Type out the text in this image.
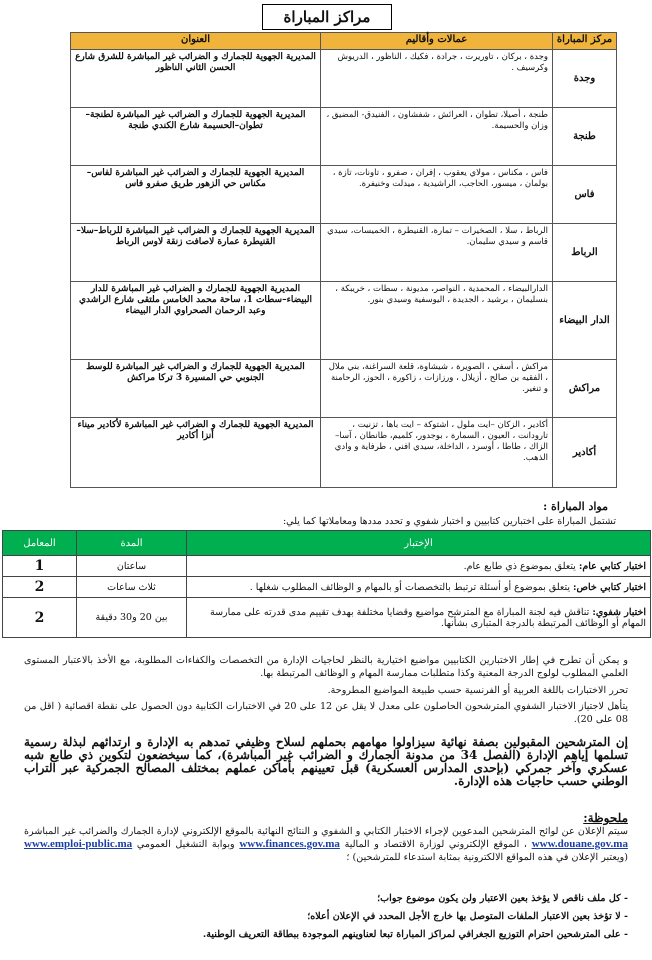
مراكز المباراة
مركز المباراة	عمالات وأقاليم	العنوان
وجدة	وجدة ، بركان ، تاوريرت ، جرادة ، فكيك ، الناظور ، الدريوش وكرسيف .	المديرية الجهوية للجمارك و الضرائب غير المباشرة للشرق شارع الحسن الثاني الناظور
طنجة	طنجة ، أصيلا، تطوان ، العرائش ، شفشاون ، الفنيدق- المضيق ، وزان والحسيمة.	المديرية الجهوية للجمارك و الضرائب غير المباشرة لطنجة–تطوان–الحسيمة شارع الكندي طنجة
فاس	فاس ، مكناس ، مولاي يعقوب ، إفران ، صفرو ، تاونات، تازة ، بولمان ، ميسور، الحاجب، الراشيدية ، ميدلت وخنيفرة.	المديرية الجهوية للجمارك و الضرائب غير المباشرة لفاس–مكناس حي الزهور طريق صفرو فاس
الرباط	الرباط ، سلا ، الصخيرات – تمارة، القنيطرة ، الخميسات، سيدي قاسم و سيدي سليمان.	المديرية الجهوية للجمارك و الضرائب غير المباشرة للرباط–سلا–القنيطرة عمارة لاصافت زنقة لاوس الرباط
الدار البيضاء	الدارالبيضاء ، المحمدية ، النواصر، مديونة ، سطات ، خريبكة ، بنسليمان ، برشيد ، الجديدة ، اليوسفية وسيدي بنور.	المديرية الجهوية للجمارك و الضرائب غير المباشرة للدار البيضاء–سطات 1، ساحة محمد الخامس ملتقى شارع الراشدي وعبد الرحمان الصحراوي الدار البيضاء
مراكش	مراكش ، أسفي ، الصويرة ، شيشاوة، قلعة السراغنة، بني ملال ، الفقيه بن صالح ، أزيلال ، ورزازات ، زاكورة ، الحوز، الرحامنة و تنغير.	المديرية الجهوية للجمارك و الضرائب غير المباشرة للوسط الجنوبي حي المسيرة 3 تركا مراكش
أكادير	أكادير ، الزكان –ايت ملول ، اشتوكة – ايت باها ، تزنيت ، تارودانت ، العيون ، السمارة ، بوجدور، كلميم، طانطان ، آسا– الزاك ، طاطا ، أوسرد ، الداخلة، سيدي افني ، طرفاية و وادي الذهب.	المديرية الجهوية للجمارك و الضرائب غير المباشرة لأكادير ميناء أنزا أكادير
مواد المباراة :
تشتمل المباراة على اختبارين كتابيين و اختبار شفوي و تحدد مددها ومعاملاتها كما يلي:
الإختبار	المدة	المعامل
اختبار كتابي عام: يتعلق بموضوع ذي طابع عام.	ساعتان	1
اختبار كتابي خاص: يتعلق بموضوع أو أسئلة ترتبط بالتخصصات أو بالمهام و الوظائف المطلوب شغلها .	ثلاث ساعات	2
اختبار شفوي: تناقش فيه لجنة المباراة مع المترشح مواضيع وقضايا مختلفة بهدف تقييم مدى قدرته على ممارسة المهام أو الوظائف المرتبطة بالدرجة المتبارى بشأنها.	بين 20 و30 دقيقة	2
و يمكن أن تطرح في إطار الاختبارين الكتابيين مواضيع اختيارية بالنظر لحاجيات الإدارة من التخصصات والكفاءات المطلوبة، مع الأخذ بالاعتبار المستوى العلمي المطلوب لولوج الدرجة المعنية وكذا متطلبات ممارسة المهام و الوظائف المرتبطة بها.
تحرر الاختبارات باللغة العربية أو الفرنسية حسب طبيعة المواضيع المطروحة.
يتأهل لاجتياز الاختبار الشفوي المترشحون الحاصلون على معدل لا يقل عن 12 على 20 في الاختبارات الكتابية دون الحصول على نقطة اقصائية ( اقل من 08 على 20).
إن المترشحين المقبولين بصفة نهائية سيزاولوا مهامهم بحملهم لسلاح وظيفي تمدهم به الإدارة و ارتدائهم لبذلة رسمية تسلمها إياهم الإدارة (الفصل 34 من مدونة الجمارك و الضرائب غير المباشرة)، كما سيخضعون لتكوين ذي طابع شبه عسكري وآخر جمركي (بإحدى المدارس العسكرية) قبل تعيينهم بأماكن عملهم بمختلف المصالح الجمركية عبر التراب الوطني حسب حاجيات هذه الإدارة.
ملحوظة:
سيتم الإعلان عن لوائح المترشحين المدعوين لإجراء الاختبار الكتابي و الشفوي و النتائج النهائية بالموقع الإلكتروني لإدارة الجمارك والضرائب غير المباشرة www.douane.gov.ma ، الموقع الإلكتروني لوزارة الاقتصاد و المالية www.finances.gov.ma وبوابة التشغيل العمومي www.emploi-public.ma (ويعتبر الإعلان في هذه المواقع الالكترونية بمثابة استدعاء للمترشحين) ؛
- كل ملف ناقص لا يؤخذ بعين الاعتبار ولن يكون موضوع جواب؛
- لا تؤخذ بعين الاعتبار الملفات المتوصل بها خارج الأجل المحدد في الإعلان أعلاه؛
- على المترشحين احترام التوزيع الجغرافي لمراكز المباراة تبعا لعناوينهم الموجودة ببطاقة التعريف الوطنية.
